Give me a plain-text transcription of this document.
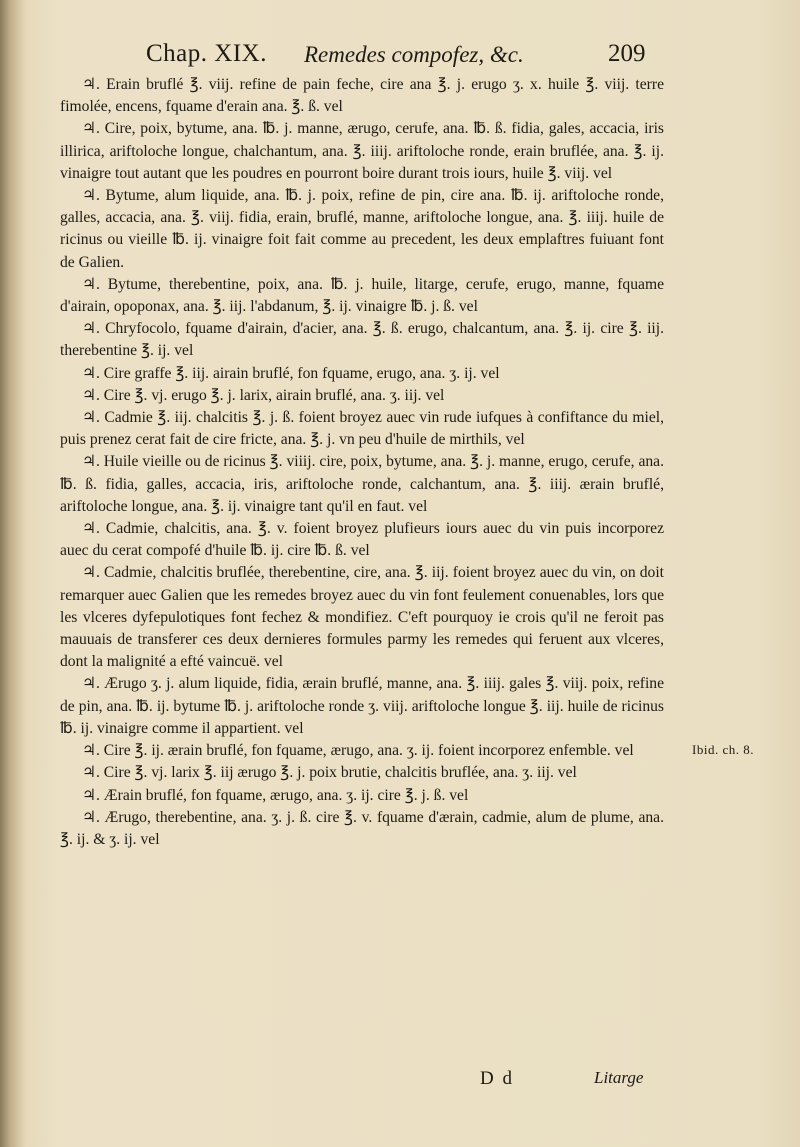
Chap. XIX. Remedes compofez, &c.	209

♃. Erain bruflé ℥. viij. refine de pain feche, cire ana ℥. j. erugo ʒ. x. huile ℥. viij. terre fimolée, encens, fquame d'erain ana. ℥. ß. vel

♃. Cire, poix, bytume, ana. ℔. j. manne, ærugo, cerufe, ana. ℔. ß. fidia, gales, accacia, iris illirica, ariftoloche longue, chalchantum, ana. ℥. iiij. ariftoloche ronde, erain bruflée, ana. ℥. ij. vinaigre tout autant que les poudres en pourront boire durant trois iours, huile ℥. viij. vel

♃. Bytume, alum liquide, ana. ℔. j. poix, refine de pin, cire ana. ℔. ij. ariftoloche ronde, galles, accacia, ana. ℥. viij. fidia, erain, bruflé, manne, ariftoloche longue, ana. ℥. iiij. huile de ricinus ou vieille ℔. ij. vinaigre foit fait comme au precedent, les deux emplaftres fuiuant font de Galien.

♃. Bytume, therebentine, poix, ana. ℔. j. huile, litarge, cerufe, erugo, manne, fquame d'airain, opoponax, ana. ℥. iij. l'abdanum, ℥. ij. vinaigre ℔. j. ß. vel

♃. Chryfocolo, fquame d'airain, d'acier, ana. ℥. ß. erugo, chalcantum, ana. ℥. ij. cire ℥. iij. therebentine ℥. ij. vel

♃. Cire graffe ℥. iij. airain bruflé, fon fquame, erugo, ana. ʒ. ij. vel

♃. Cire ℥. vj. erugo ℥. j. larix, airain bruflé, ana. ʒ. iij. vel

♃. Cadmie ℥. iij. chalcitis ℥. j. ß. foient broyez auec vin rude iufques à confiftance du miel, puis prenez cerat fait de cire fricte, ana. ℥. j. vn peu d'huile de mirthils, vel

♃. Huile vieille ou de ricinus ℥. viiij. cire, poix, bytume, ana. ℥. j. manne, erugo, cerufe, ana. ℔. ß. fidia, galles, accacia, iris, ariftoloche ronde, calchantum, ana. ℥. iiij. ærain bruflé, ariftoloche longue, ana. ℥. ij. vinaigre tant qu'il en faut. vel

♃. Cadmie, chalcitis, ana. ℥. v. foient broyez plufieurs iours auec du vin puis incorporez auec du cerat compofé d'huile ℔. ij. cire ℔. ß. vel

♃. Cadmie, chalcitis bruflée, therebentine, cire, ana. ℥. iij. foient broyez auec du vin, on doit remarquer auec Galien que les remedes broyez auec du vin font feulement conuenables, lors que les vlceres dyfepulotiques font fechez & mondifiez. C'eft pourquoy ie crois qu'il ne feroit pas mauuais de transferer ces deux dernieres formules parmy les remedes qui feruent aux vlceres, dont la malignité a efté vaincuë. vel

♃. Ærugo ʒ. j. alum liquide, fidia, ærain bruflé, manne, ana. ℥. iiij. gales ℥. viij. poix, refine de pin, ana. ℔. ij. bytume ℔. j. ariftoloche ronde ʒ. viij. ariftoloche longue ℥. iij. huile de ricinus ℔. ij. vinaigre comme il appartient. vel

♃. Cire ℥. ij. ærain bruflé, fon fquame, ærugo, ana. ʒ. ij. foient incorporez enfemble. vel

♃. Cire ℥. vj. larix ℥. iij ærugo ℥. j. poix brutie, chalcitis bruflée, ana. ʒ. iij. vel

♃. Ærain bruflé, fon fquame, ærugo, ana. ʒ. ij. cire ℥. j. ß. vel

♃. Ærugo, therebentine, ana. ʒ. j. ß. cire ℥. v. fquame d'ærain, cadmie, alum de plume, ana. ℥. ij. & ʒ. ij. vel

Ibid. ch. 8.
D d	Litarge
